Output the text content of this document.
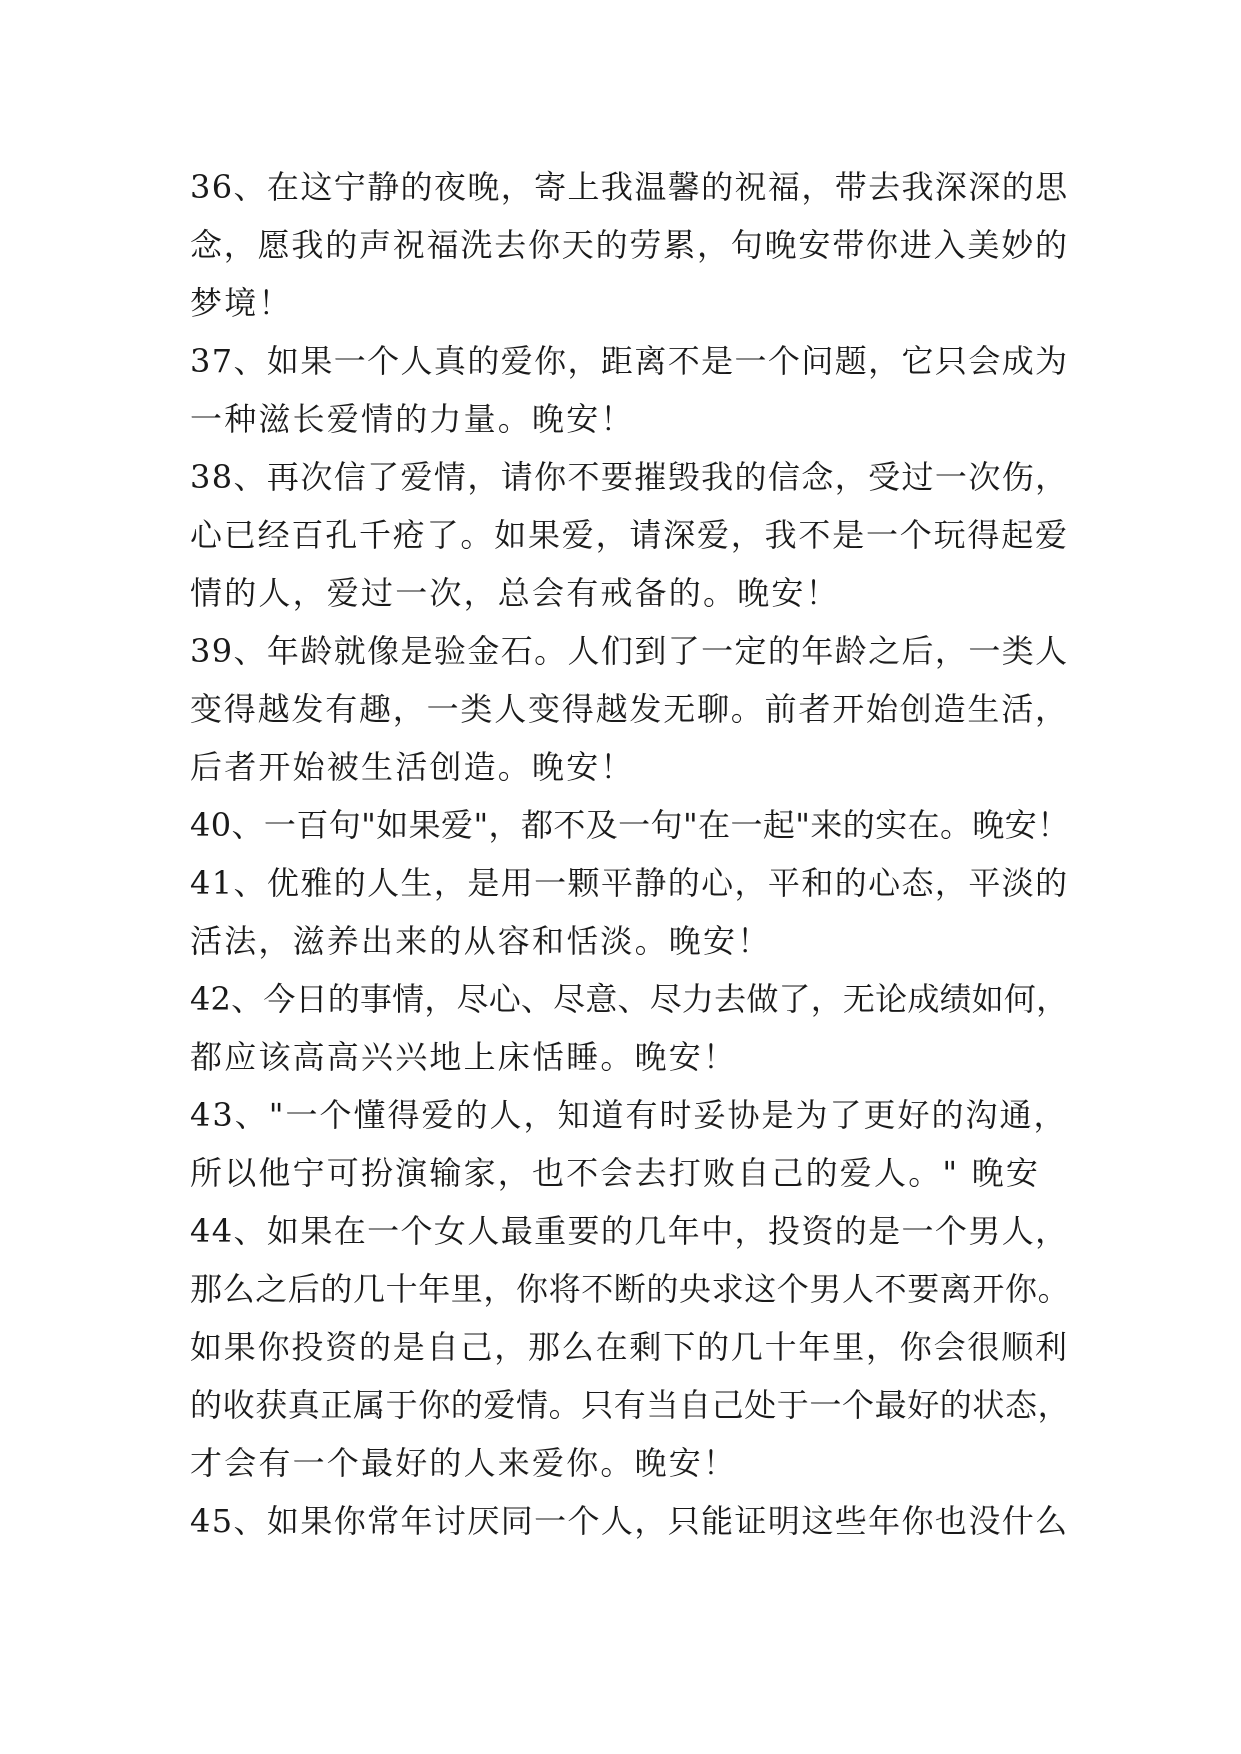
36、在这宁静的夜晚，寄上我温馨的祝福，带去我深深的思
念，愿我的声祝福洗去你天的劳累，句晚安带你进入美妙的
梦境！
37、如果一个人真的爱你，距离不是一个问题，它只会成为
一种滋长爱情的力量。晚安！
38、再次信了爱情，请你不要摧毁我的信念，受过一次伤，
心已经百孔千疮了。如果爱，请深爱，我不是一个玩得起爱
情的人，爱过一次，总会有戒备的。晚安！
39、年龄就像是验金石。人们到了一定的年龄之后，一类人
变得越发有趣，一类人变得越发无聊。前者开始创造生活，
后者开始被生活创造。晚安！
40、一百句"如果爱"，都不及一句"在一起"来的实在。晚安！
41、优雅的人生，是用一颗平静的心，平和的心态，平淡的
活法，滋养出来的从容和恬淡。晚安！
42、今日的事情，尽心、尽意、尽力去做了，无论成绩如何，
都应该高高兴兴地上床恬睡。晚安！
43、"一个懂得爱的人，知道有时妥协是为了更好的沟通，
所以他宁可扮演输家，也不会去打败自己的爱人。" 晚安
44、如果在一个女人最重要的几年中，投资的是一个男人，
那么之后的几十年里，你将不断的央求这个男人不要离开你。
如果你投资的是自己，那么在剩下的几十年里，你会很顺利
的收获真正属于你的爱情。只有当自己处于一个最好的状态，
才会有一个最好的人来爱你。晚安！
45、如果你常年讨厌同一个人，只能证明这些年你也没什么
